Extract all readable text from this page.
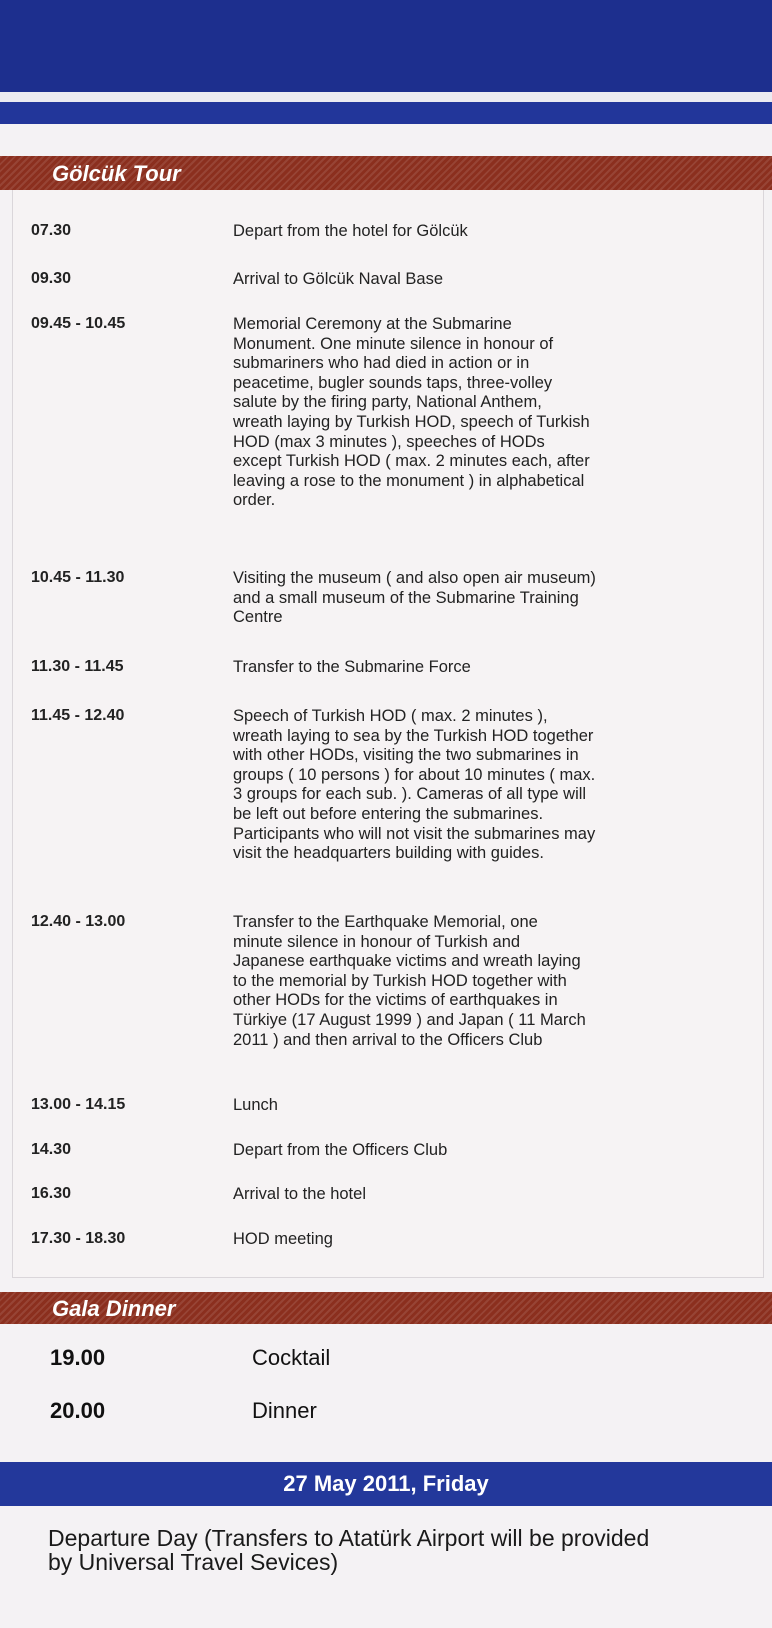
Gölcük Tour
07.30	Depart from the hotel for Gölcük
09.30	Arrival to Gölcük Naval Base
09.45 - 10.45	Memorial Ceremony at the Submarine
Monument. One minute silence in honour of
submariners who had died in action or in
peacetime, bugler sounds taps, three-volley
salute by the firing party, National Anthem,
wreath laying by Turkish HOD, speech of Turkish
HOD (max 3 minutes ), speeches of HODs
except Turkish HOD ( max. 2 minutes each, after
leaving a rose to the monument ) in alphabetical
order.
10.45 - 11.30	Visiting the museum ( and also open air museum)
and a small museum of the Submarine Training
Centre
11.30 - 11.45	Transfer to the Submarine Force
11.45 - 12.40	Speech of Turkish HOD ( max. 2 minutes ),
wreath laying to sea by the Turkish HOD together
with other HODs, visiting the two submarines in
groups ( 10 persons ) for about 10 minutes ( max.
3 groups for each sub. ). Cameras of all type will
be left out before entering the submarines.
Participants who will not visit the submarines may
visit the headquarters building with guides.
12.40 - 13.00	Transfer to the Earthquake Memorial, one
minute silence in honour of Turkish and
Japanese earthquake victims and wreath laying
to the memorial by Turkish HOD together with
other HODs for the victims of earthquakes in
Türkiye (17 August 1999 ) and Japan ( 11 March
2011 ) and then arrival to the Officers Club
13.00 - 14.15	Lunch
14.30	Depart from the Officers Club
16.30	Arrival to the hotel
17.30 - 18.30	HOD meeting
Gala Dinner
19.00	Cocktail
20.00	Dinner
27 May 2011, Friday
Departure Day (Transfers to Atatürk Airport will be provided
by Universal Travel Sevices)
